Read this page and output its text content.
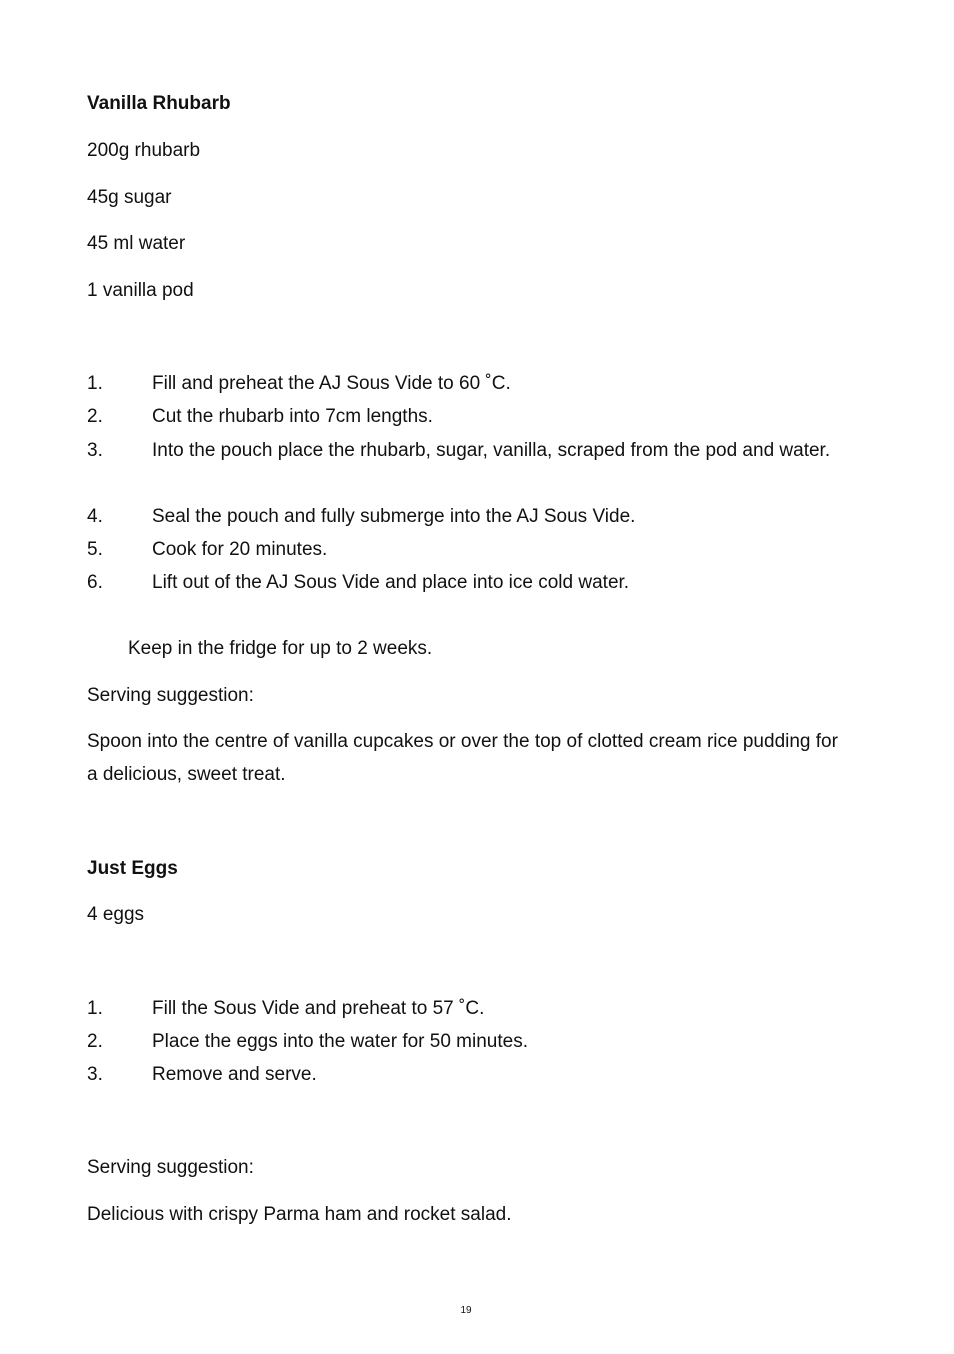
Vanilla Rhubarb
200g rhubarb
45g sugar
45 ml water
1 vanilla pod
1.	Fill and preheat the AJ Sous Vide to 60 ˚C.
2.	Cut the rhubarb into 7cm lengths.
3.	Into the pouch place the rhubarb, sugar, vanilla, scraped from the pod and water.
4.	Seal the pouch and fully submerge into the AJ Sous Vide.
5.	Cook for 20 minutes.
6.	Lift out of the AJ Sous Vide and place into ice cold water.
Keep in the fridge for up to 2 weeks.
Serving suggestion:
Spoon into the centre of vanilla cupcakes or over the top of clotted cream rice pudding for a delicious, sweet treat.
Just Eggs
4 eggs
1.	Fill the Sous Vide and preheat to 57 ˚C.
2.	Place the eggs into the water for 50 minutes.
3.	Remove and serve.
Serving suggestion:
Delicious with crispy Parma ham and rocket salad.
19
